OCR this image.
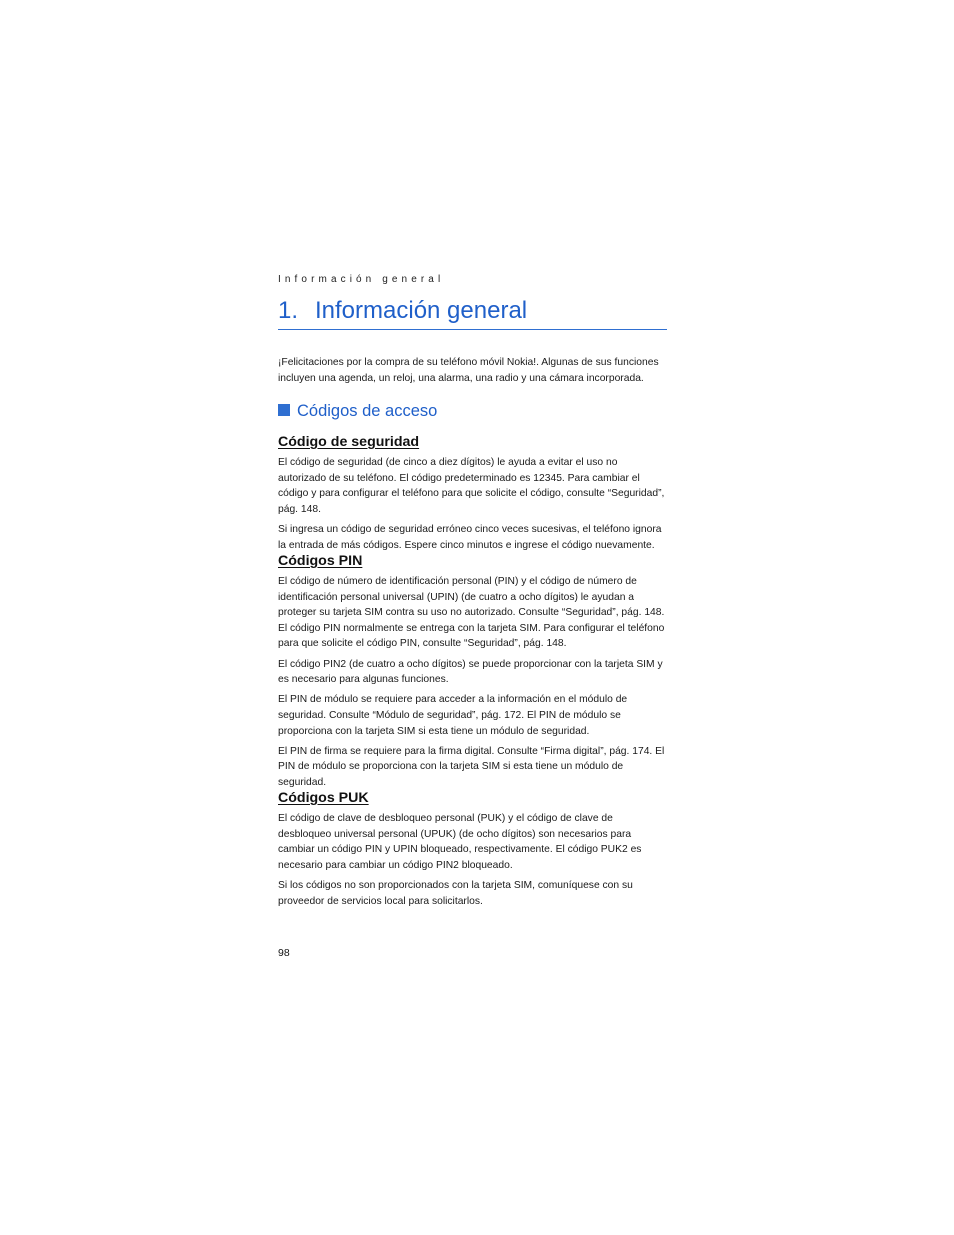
Información general
1. Información general

¡Felicitaciones por la compra de su teléfono móvil Nokia!. Algunas de sus funciones incluyen una agenda, un reloj, una alarma, una radio y una cámara incorporada.

Códigos de acceso
Código de seguridad

El código de seguridad (de cinco a diez dígitos) le ayuda a evitar el uso no autorizado de su teléfono. El código predeterminado es 12345. Para cambiar el código y para configurar el teléfono para que solicite el código, consulte “Seguridad”, pág. 148.

Si ingresa un código de seguridad erróneo cinco veces sucesivas, el teléfono ignora la entrada de más códigos. Espere cinco minutos e ingrese el código nuevamente.

Códigos PIN

El código de número de identificación personal (PIN) y el código de número de identificación personal universal (UPIN) (de cuatro a ocho dígitos) le ayudan a proteger su tarjeta SIM contra su uso no autorizado. Consulte “Seguridad”, pág. 148. El código PIN normalmente se entrega con la tarjeta SIM. Para configurar el teléfono para que solicite el código PIN, consulte “Seguridad”, pág. 148.

El código PIN2 (de cuatro a ocho dígitos) se puede proporcionar con la tarjeta SIM y es necesario para algunas funciones.

El PIN de módulo se requiere para acceder a la información en el módulo de seguridad. Consulte “Módulo de seguridad”, pág. 172. El PIN de módulo se proporciona con la tarjeta SIM si esta tiene un módulo de seguridad.

El PIN de firma se requiere para la firma digital. Consulte “Firma digital”, pág. 174. El PIN de módulo se proporciona con la tarjeta SIM si esta tiene un módulo de seguridad.

Códigos PUK

El código de clave de desbloqueo personal (PUK) y el código de clave de desbloqueo universal personal (UPUK) (de ocho dígitos) son necesarios para cambiar un código PIN y UPIN bloqueado, respectivamente. El código PUK2 es necesario para cambiar un código PIN2 bloqueado.

Si los códigos no son proporcionados con la tarjeta SIM, comuníquese con su proveedor de servicios local para solicitarlos.

98
